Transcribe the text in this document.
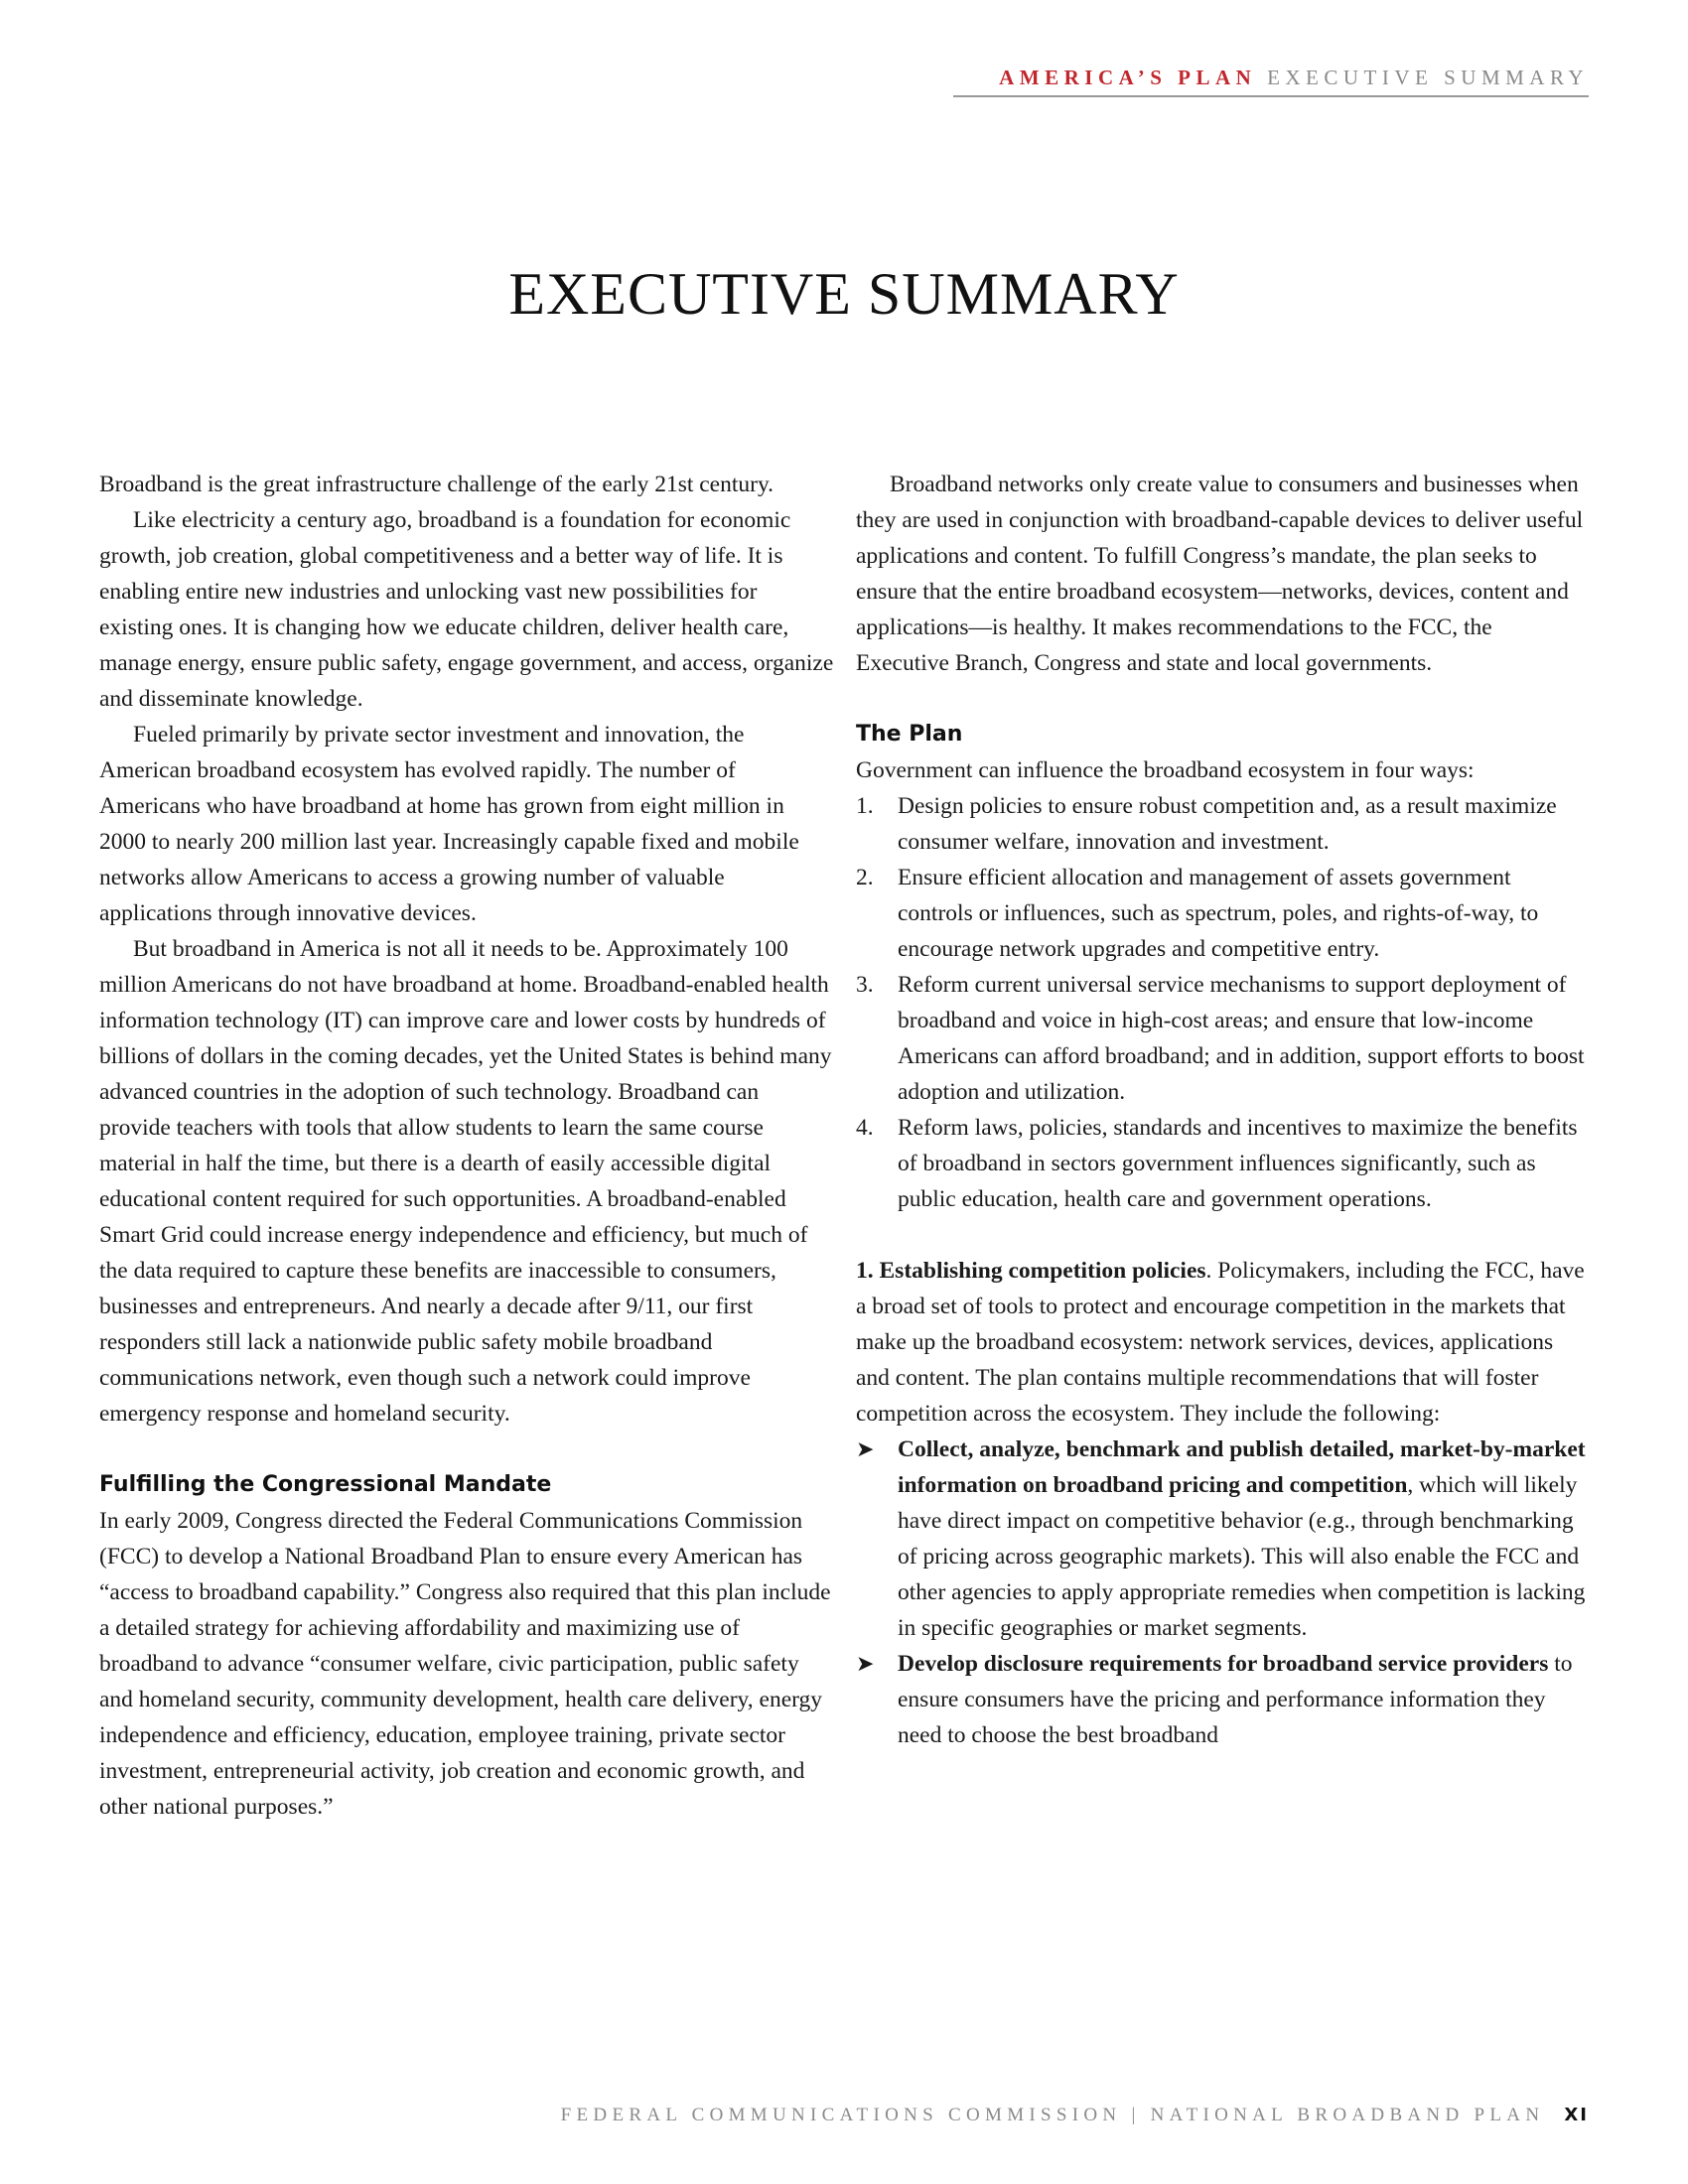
AMERICA’S PLAN EXECUTIVE SUMMARY
EXECUTIVE SUMMARY

Broadband is the great infrastructure challenge of the early 21st century.

Like electricity a century ago, broadband is a foundation for economic growth, job creation, global competitiveness and a better way of life. It is enabling entire new industries and unlocking vast new possibilities for existing ones. It is changing how we educate children, deliver health care, manage energy, ensure public safety, engage government, and access, organize and disseminate knowledge.

Fueled primarily by private sector investment and innovation, the American broadband ecosystem has evolved rapidly. The number of Americans who have broadband at home has grown from eight million in 2000 to nearly 200 million last year. Increasingly capable fixed and mobile networks allow Americans to access a growing number of valuable applications through innovative devices.

But broadband in America is not all it needs to be. Approximately 100 million Americans do not have broadband at home. Broadband-enabled health information technology (IT) can improve care and lower costs by hundreds of billions of dollars in the coming decades, yet the United States is behind many advanced countries in the adoption of such technology. Broadband can provide teachers with tools that allow students to learn the same course material in half the time, but there is a dearth of easily accessible digital educational content required for such opportunities. A broadband-enabled Smart Grid could increase energy independence and efficiency, but much of the data required to capture these benefits are inaccessible to consumers, businesses and entrepreneurs. And nearly a decade after 9/11, our first responders still lack a nationwide public safety mobile broadband communications network, even though such a network could improve emergency response and homeland security.

Fulfilling the Congressional Mandate

In early 2009, Congress directed the Federal Communications Commission (FCC) to develop a National Broadband Plan to ensure every American has “access to broadband capability.” Congress also required that this plan include a detailed strategy for achieving affordability and maximizing use of broadband to advance “consumer welfare, civic participation, public safety and homeland security, community development, health care delivery, energy independence and efficiency, education, employee training, private sector investment, entrepreneurial activity, job creation and economic growth, and other national purposes.”

Broadband networks only create value to consumers and businesses when they are used in conjunction with broadband-capable devices to deliver useful applications and content. To fulfill Congress’s mandate, the plan seeks to ensure that the entire broadband ecosystem—networks, devices, content and applications—is healthy. It makes recommendations to the FCC, the Executive Branch, Congress and state and local governments.

The Plan

Government can influence the broadband ecosystem in four ways:

1. Design policies to ensure robust competition and, as a result maximize consumer welfare, innovation and investment.
2. Ensure efficient allocation and management of assets government controls or influences, such as spectrum, poles, and rights-of-way, to encourage network upgrades and competitive entry.
3. Reform current universal service mechanisms to support deployment of broadband and voice in high-cost areas; and ensure that low-income Americans can afford broadband; and in addition, support efforts to boost adoption and utilization.
4. Reform laws, policies, standards and incentives to maximize the benefits of broadband in sectors government influences significantly, such as public education, health care and government operations.

1. Establishing competition policies. Policymakers, including the FCC, have a broad set of tools to protect and encourage competition in the markets that make up the broadband ecosystem: network services, devices, applications and content. The plan contains multiple recommendations that will foster competition across the ecosystem. They include the following:

➤ Collect, analyze, benchmark and publish detailed, market-by-market information on broadband pricing and competition, which will likely have direct impact on competitive behavior (e.g., through benchmarking of pricing across geographic markets). This will also enable the FCC and other agencies to apply appropriate remedies when competition is lacking in specific geographies or market segments.
➤ Develop disclosure requirements for broadband service providers to ensure consumers have the pricing and performance information they need to choose the best broadband
FEDERAL COMMUNICATIONS COMMISSION | NATIONAL BROADBAND PLAN XI
